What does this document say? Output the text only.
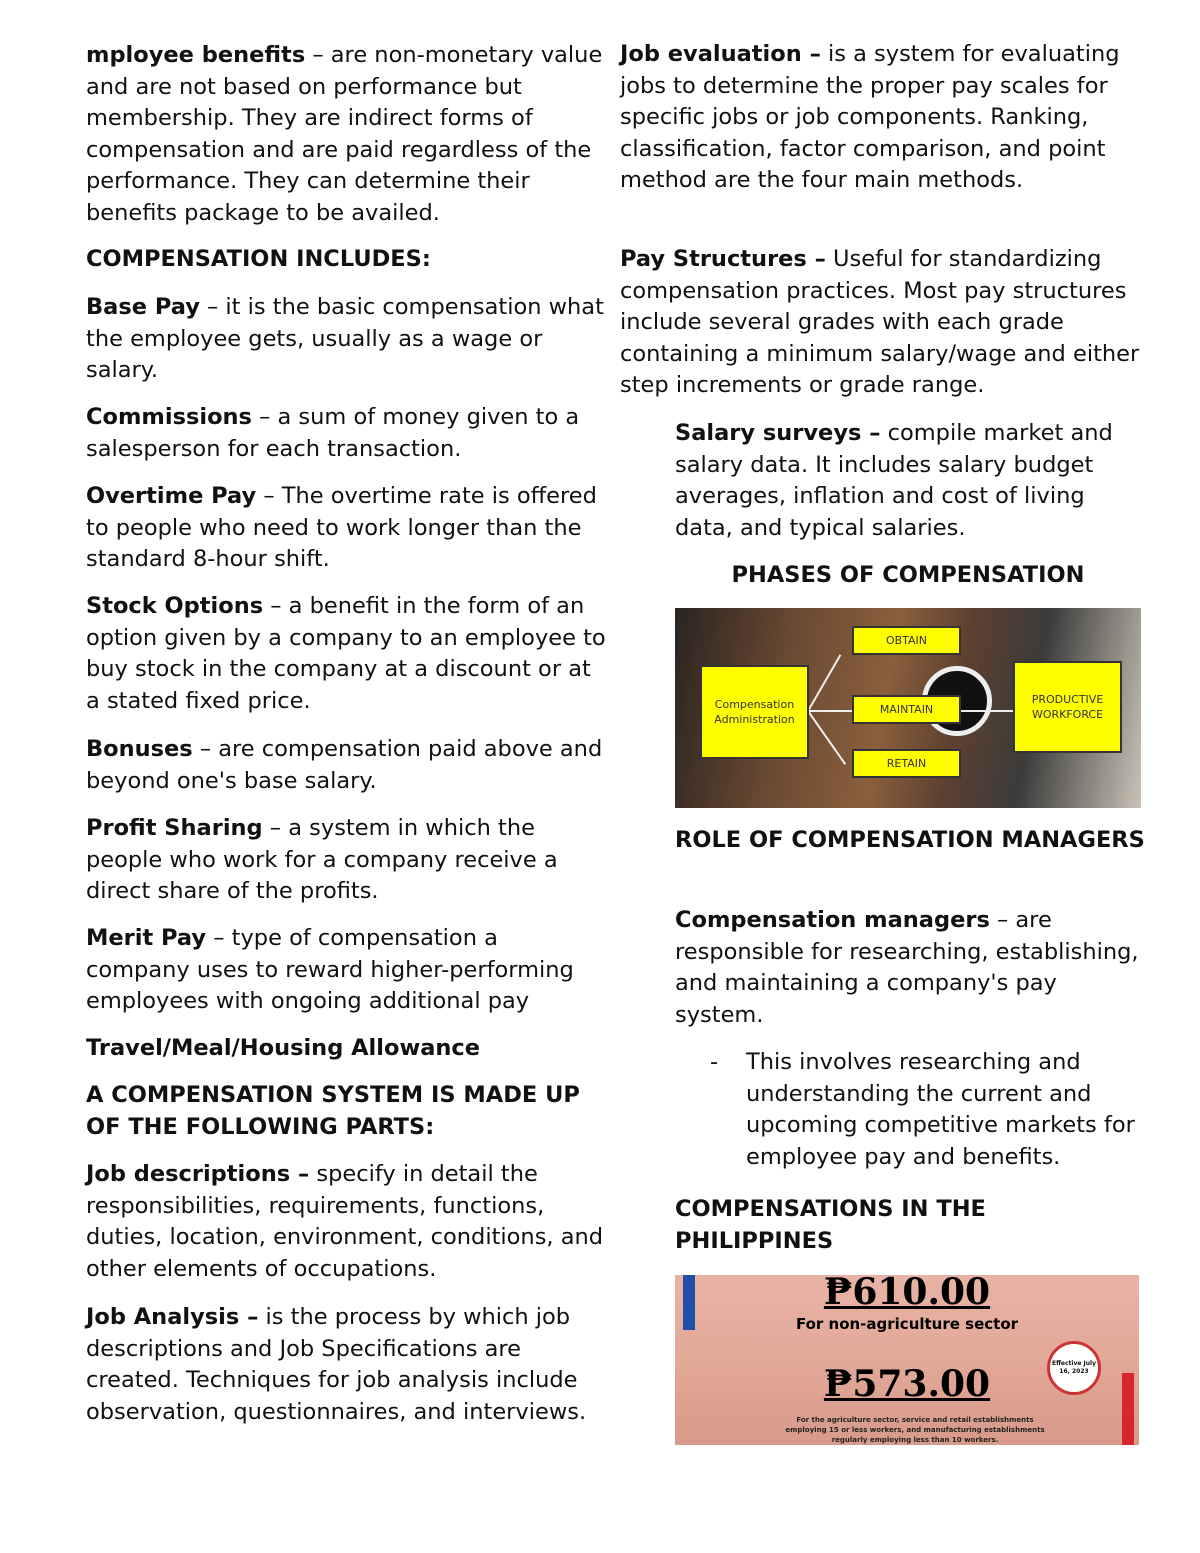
mployee benefits – are non-monetary value and are not based on performance but membership. They are indirect forms of compensation and are paid regardless of the performance. They can determine their benefits package to be availed.

COMPENSATION INCLUDES:

Base Pay – it is the basic compensation what the employee gets, usually as a wage or salary.

Commissions – a sum of money given to a salesperson for each transaction.

Overtime Pay – The overtime rate is offered to people who need to work longer than the standard 8-hour shift.

Stock Options – a benefit in the form of an option given by a company to an employee to buy stock in the company at a discount or at a stated fixed price.

Bonuses – are compensation paid above and beyond one's base salary.

Profit Sharing – a system in which the people who work for a company receive a direct share of the profits.

Merit Pay – type of compensation a company uses to reward higher-performing employees with ongoing additional pay

Travel/Meal/Housing Allowance

A COMPENSATION SYSTEM IS MADE UP OF THE FOLLOWING PARTS:

Job descriptions – specify in detail the responsibilities, requirements, functions, duties, location, environment, conditions, and other elements of occupations.

Job Analysis – is the process by which job descriptions and Job Specifications are created. Techniques for job analysis include observation, questionnaires, and interviews.

Job evaluation – is a system for evaluating jobs to determine the proper pay scales for specific jobs or job components. Ranking, classification, factor comparison, and point method are the four main methods.

Pay Structures – Useful for standardizing compensation practices. Most pay structures include several grades with each grade containing a minimum salary/wage and either step increments or grade range.

Salary surveys – compile market and salary data. It includes salary budget averages, inflation and cost of living data, and typical salaries.

PHASES OF COMPENSATION

Compensation Administration
OBTAIN
MAINTAIN
RETAIN
PRODUCTIVE WORKFORCE

ROLE OF COMPENSATION MANAGERS

Compensation managers – are responsible for researching, establishing, and maintaining a company's pay system.

- This involves researching and understanding the current and upcoming competitive markets for employee pay and benefits.

COMPENSATIONS IN THE PHILIPPINES

₱610.00
For non-agriculture sector
₱573.00
For the agriculture sector, service and retail establishments employing 15 or less workers, and manufacturing establishments regularly employing less than 10 workers.
Effective July 16, 2023
